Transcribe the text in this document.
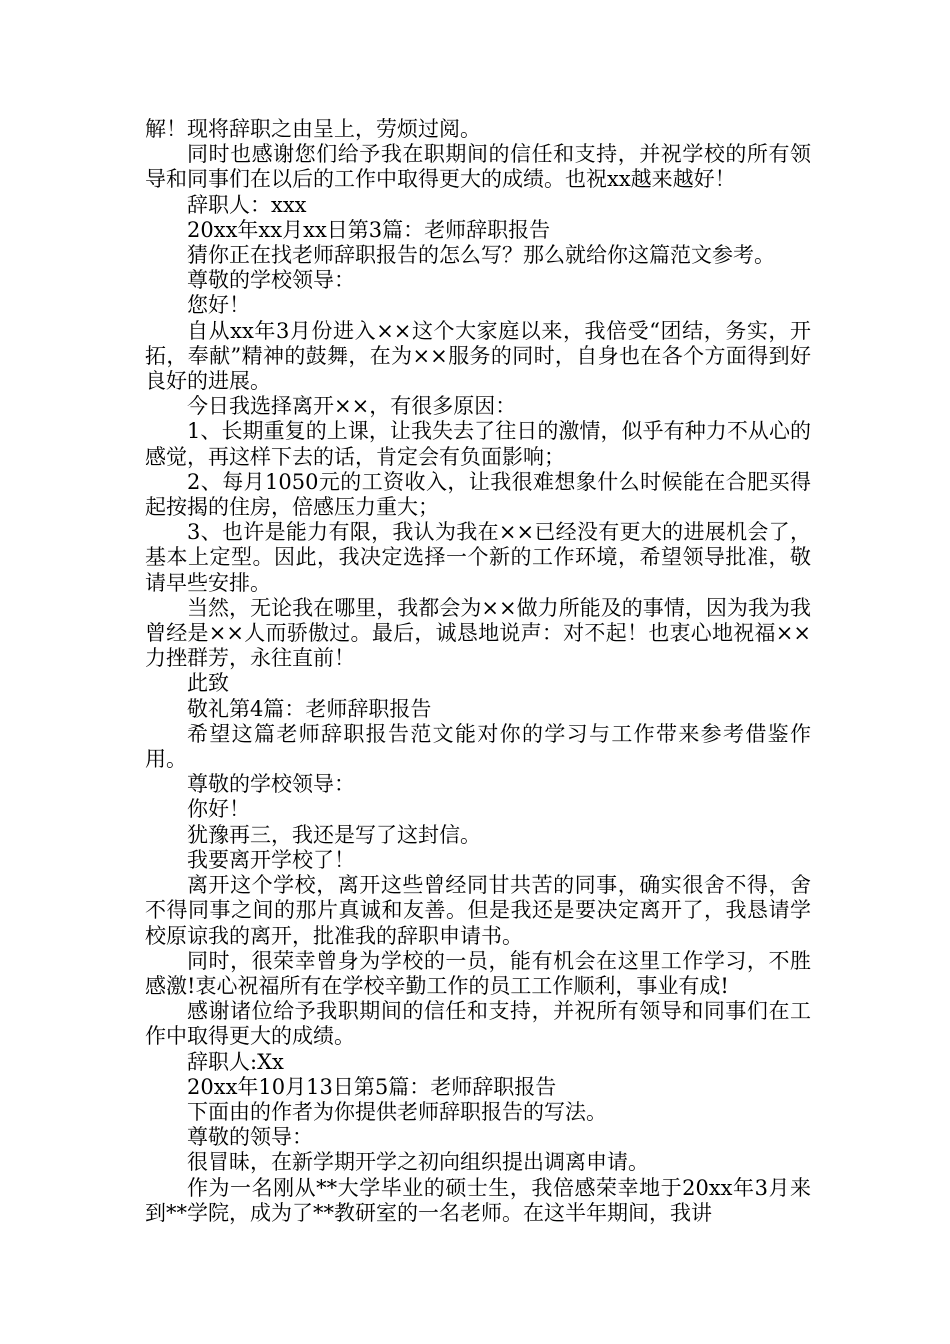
解！现将辞职之由呈上，劳烦过阅。

同时也感谢您们给予我在职期间的信任和支持，并祝学校的所有领导和同事们在以后的工作中取得更大的成绩。也祝xx越来越好！

辞职人：xxx

20xx年xx月xx日第3篇：老师辞职报告

猜你正在找老师辞职报告的怎么写？那么就给你这篇范文参考。

尊敬的学校领导：

您好！

自从xx年3月份进入××这个大家庭以来，我倍受“团结，务实，开拓，奉献”精神的鼓舞，在为××服务的同时，自身也在各个方面得到好良好的进展。

今日我选择离开××，有很多原因：

1、长期重复的上课，让我失去了往日的激情，似乎有种力不从心的感觉，再这样下去的话，肯定会有负面影响；

2、每月1050元的工资收入，让我很难想象什么时候能在合肥买得起按揭的住房，倍感压力重大；

3、也许是能力有限，我认为我在××已经没有更大的进展机会了，基本上定型。因此，我决定选择一个新的工作环境，希望领导批准，敬请早些安排。

当然，无论我在哪里，我都会为××做力所能及的事情，因为我为我曾经是××人而骄傲过。最后，诚恳地说声：对不起！也衷心地祝福××力挫群芳，永往直前！

此致

敬礼第4篇：老师辞职报告

希望这篇老师辞职报告范文能对你的学习与工作带来参考借鉴作用。

尊敬的学校领导：

你好！

犹豫再三，我还是写了这封信。

我要离开学校了！

离开这个学校，离开这些曾经同甘共苦的同事，确实很舍不得，舍不得同事之间的那片真诚和友善。但是我还是要决定离开了，我恳请学校原谅我的离开，批准我的辞职申请书。

同时，很荣幸曾身为学校的一员，能有机会在这里工作学习，不胜感激!衷心祝福所有在学校辛勤工作的员工工作顺利，事业有成!

感谢诸位给予我职期间的信任和支持，并祝所有领导和同事们在工作中取得更大的成绩。

辞职人:Xx

20xx年10月13日第5篇：老师辞职报告

下面由的作者为你提供老师辞职报告的写法。

尊敬的领导：

很冒昧，在新学期开学之初向组织提出调离申请。

作为一名刚从**大学毕业的硕士生，我倍感荣幸地于20xx年3月来到**学院，成为了**教研室的一名老师。在这半年期间，我讲
